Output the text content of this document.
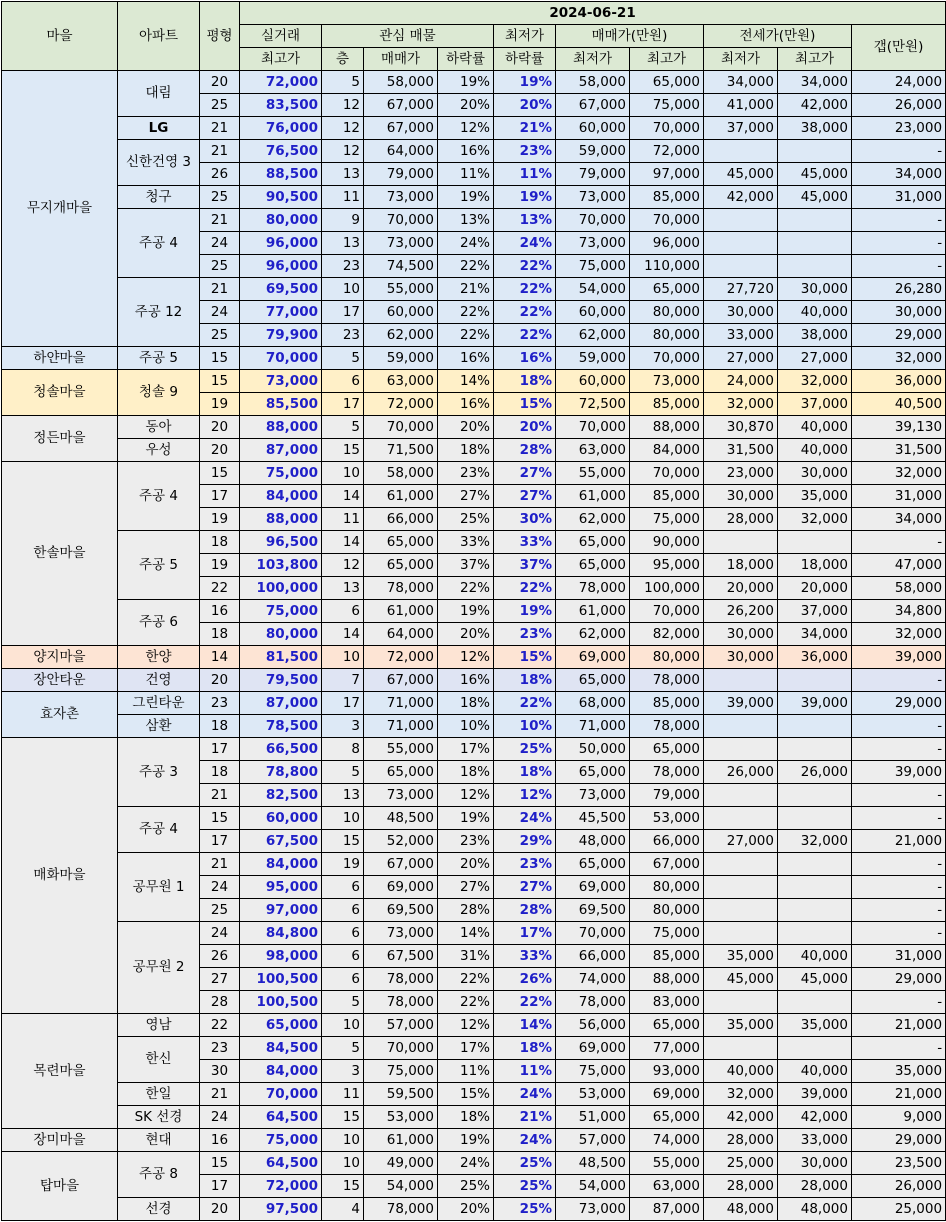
마을	아파트	평형	2024-06-21									
			실거래	관심 매물			최저가	매매가(만원)		전세가(만원)		갭(만원)
			최고가	층	매매가	하락률	하락률	최저가	최고가	최저가	최고가	
무지개마을	대림	20	72,000	5	58,000	19%	19%	58,000	65,000	34,000	34,000	24,000
		25	83,500	12	67,000	20%	20%	67,000	75,000	41,000	42,000	26,000
	LG	21	76,000	12	67,000	12%	21%	60,000	70,000	37,000	38,000	23,000
	신한건영 3	21	76,500	12	64,000	16%	23%	59,000	72,000			-
		26	88,500	13	79,000	11%	11%	79,000	97,000	45,000	45,000	34,000
	청구	25	90,500	11	73,000	19%	19%	73,000	85,000	42,000	45,000	31,000
	주공 4	21	80,000	9	70,000	13%	13%	70,000	70,000			-
		24	96,000	13	73,000	24%	24%	73,000	96,000			-
		25	96,000	23	74,500	22%	22%	75,000	110,000			-
	주공 12	21	69,500	10	55,000	21%	22%	54,000	65,000	27,720	30,000	26,280
		24	77,000	17	60,000	22%	22%	60,000	80,000	30,000	40,000	30,000
		25	79,900	23	62,000	22%	22%	62,000	80,000	33,000	38,000	29,000
하얀마을	주공 5	15	70,000	5	59,000	16%	16%	59,000	70,000	27,000	27,000	32,000
청솔마을	청솔 9	15	73,000	6	63,000	14%	18%	60,000	73,000	24,000	32,000	36,000
		19	85,500	17	72,000	16%	15%	72,500	85,000	32,000	37,000	40,500
정든마을	동아	20	88,000	5	70,000	20%	20%	70,000	88,000	30,870	40,000	39,130
	우성	20	87,000	15	71,500	18%	28%	63,000	84,000	31,500	40,000	31,500
한솔마을	주공 4	15	75,000	10	58,000	23%	27%	55,000	70,000	23,000	30,000	32,000
		17	84,000	14	61,000	27%	27%	61,000	85,000	30,000	35,000	31,000
		19	88,000	11	66,000	25%	30%	62,000	75,000	28,000	32,000	34,000
	주공 5	18	96,500	14	65,000	33%	33%	65,000	90,000			-
		19	103,800	12	65,000	37%	37%	65,000	95,000	18,000	18,000	47,000
		22	100,000	13	78,000	22%	22%	78,000	100,000	20,000	20,000	58,000
	주공 6	16	75,000	6	61,000	19%	19%	61,000	70,000	26,200	37,000	34,800
		18	80,000	14	64,000	20%	23%	62,000	82,000	30,000	34,000	32,000
양지마을	한양	14	81,500	10	72,000	12%	15%	69,000	80,000	30,000	36,000	39,000
장안타운	건영	20	79,500	7	67,000	16%	18%	65,000	78,000			-
효자촌	그린타운	23	87,000	17	71,000	18%	22%	68,000	85,000	39,000	39,000	29,000
	삼환	18	78,500	3	71,000	10%	10%	71,000	78,000			-
매화마을	주공 3	17	66,500	8	55,000	17%	25%	50,000	65,000			-
		18	78,800	5	65,000	18%	18%	65,000	78,000	26,000	26,000	39,000
		21	82,500	13	73,000	12%	12%	73,000	79,000			-
	주공 4	15	60,000	10	48,500	19%	24%	45,500	53,000			-
		17	67,500	15	52,000	23%	29%	48,000	66,000	27,000	32,000	21,000
	공무원 1	21	84,000	19	67,000	20%	23%	65,000	67,000			-
		24	95,000	6	69,000	27%	27%	69,000	80,000			-
		25	97,000	6	69,500	28%	28%	69,500	80,000			-
	공무원 2	24	84,800	6	73,000	14%	17%	70,000	75,000			-
		26	98,000	6	67,500	31%	33%	66,000	85,000	35,000	40,000	31,000
		27	100,500	6	78,000	22%	26%	74,000	88,000	45,000	45,000	29,000
		28	100,500	5	78,000	22%	22%	78,000	83,000			-
목련마을	영남	22	65,000	10	57,000	12%	14%	56,000	65,000	35,000	35,000	21,000
	한신	23	84,500	5	70,000	17%	18%	69,000	77,000			-
		30	84,000	3	75,000	11%	11%	75,000	93,000	40,000	40,000	35,000
	한일	21	70,000	11	59,500	15%	24%	53,000	69,000	32,000	39,000	21,000
	SK 선경	24	64,500	15	53,000	18%	21%	51,000	65,000	42,000	42,000	9,000
장미마을	현대	16	75,000	10	61,000	19%	24%	57,000	74,000	28,000	33,000	29,000
탑마을	주공 8	15	64,500	10	49,000	24%	25%	48,500	55,000	25,000	30,000	23,500
		17	72,000	15	54,000	25%	25%	54,000	63,000	28,000	28,000	26,000
	선경	20	97,500	4	78,000	20%	25%	73,000	87,000	48,000	48,000	25,000
